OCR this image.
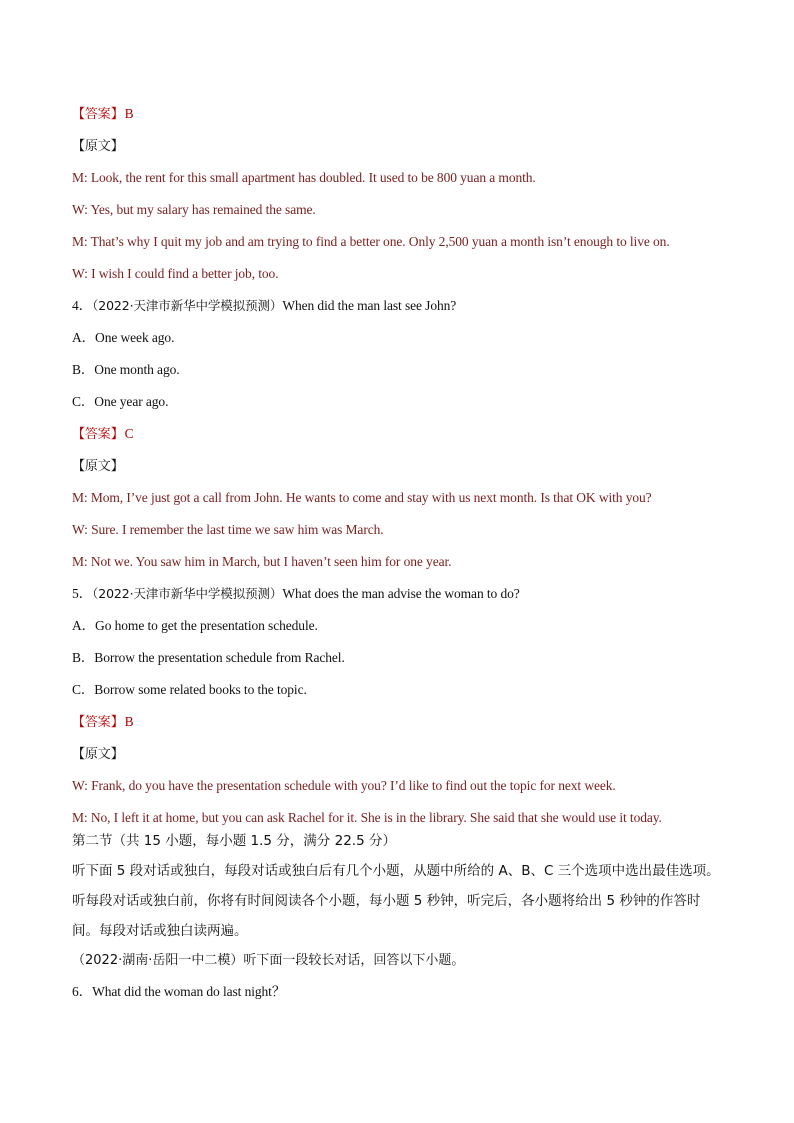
【答案】B
【原文】
M: Look, the rent for this small apartment has doubled. It used to be 800 yuan a month.
W: Yes, but my salary has remained the same.
M: That’s why I quit my job and am trying to find a better one. Only 2,500 yuan a month isn’t enough to live on.
W: I wish I could find a better job, too.
4．（2022·天津市新华中学模拟预测）When did the man last see John?
A．One week ago.
B．One month ago.
C．One year ago.
【答案】C
【原文】
M: Mom, I’ve just got a call from John. He wants to come and stay with us next month. Is that OK with you?
W: Sure. I remember the last time we saw him was March.
M: Not we. You saw him in March, but I haven’t seen him for one year.
5．（2022·天津市新华中学模拟预测）What does the man advise the woman to do?
A．Go home to get the presentation schedule.
B．Borrow the presentation schedule from Rachel.
C．Borrow some related books to the topic.
【答案】B
【原文】
W: Frank, do you have the presentation schedule with you? I’d like to find out the topic for next week.
M: No, I left it at home, but you can ask Rachel for it. She is in the library. She said that she would use it today.
第二节（共 15 小题，每小题 1.5 分，满分 22.5 分）
听下面 5 段对话或独白，每段对话或独白后有几个小题，从题中所给的 A、B、C 三个选项中选出最佳选项。
听每段对话或独白前，你将有时间阅读各个小题，每小题 5 秒钟，听完后，各小题将给出 5 秒钟的作答时
间。每段对话或独白读两遍。
（2022·湖南·岳阳一中二模）听下面一段较长对话，回答以下小题。
6．What did the woman do last night？
